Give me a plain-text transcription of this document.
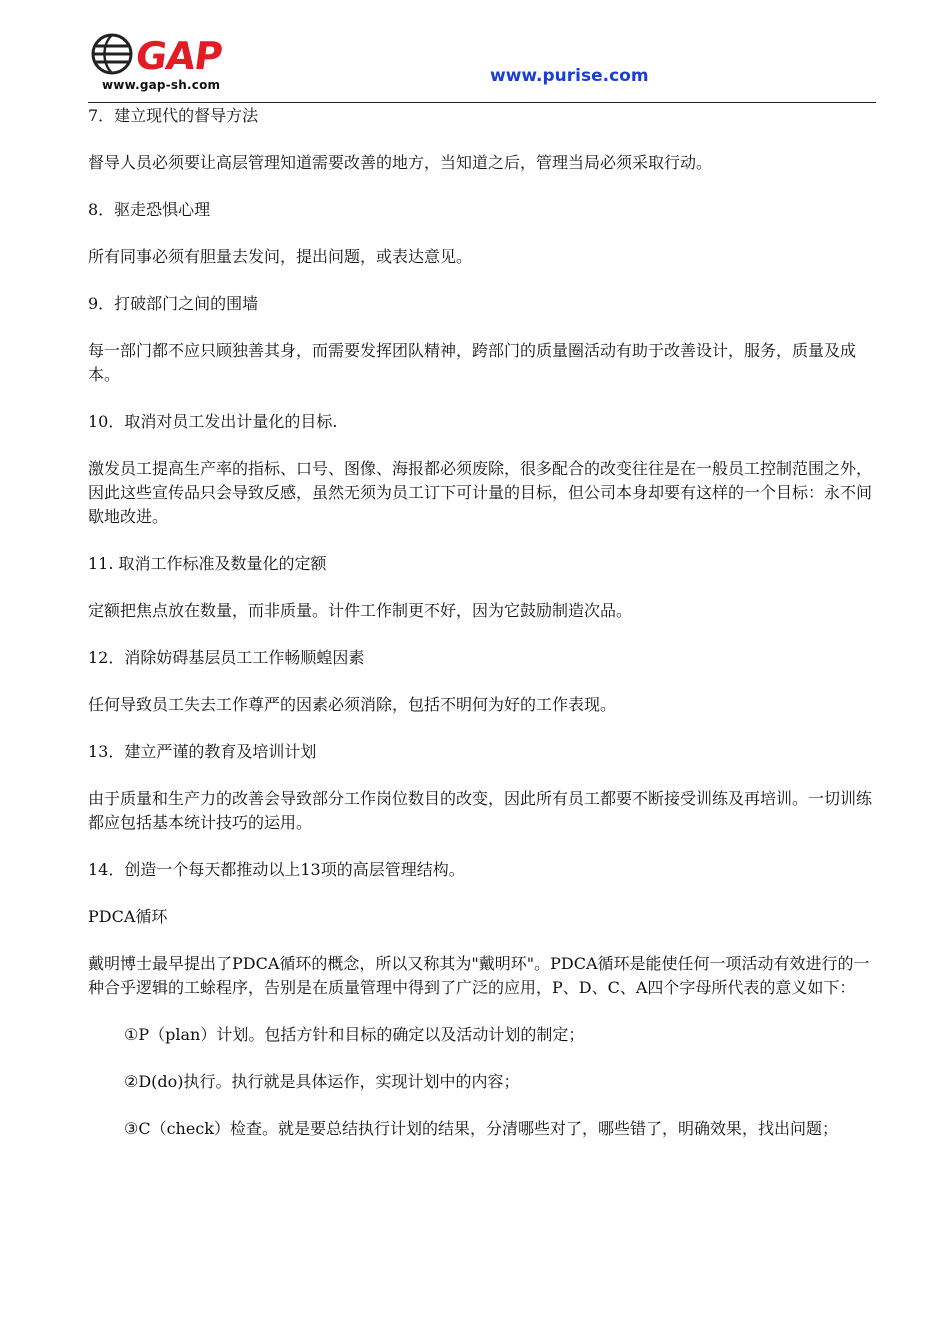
GAP
www.gap-sh.com	www.purise.com

7．建立现代的督导方法

督导人员必须要让高层管理知道需要改善的地方，当知道之后，管理当局必须采取行动。

8．驱走恐惧心理

所有同事必须有胆量去发问，提出问题，或表达意见。

9．打破部门之间的围墙

每一部门都不应只顾独善其身，而需要发挥团队精神，跨部门的质量圈活动有助于改善设计，服务，质量及成本。

10．取消对员工发出计量化的目标.

激发员工提高生产率的指标、口号、图像、海报都必须废除，很多配合的改变往往是在一般员工控制范围之外，因此这些宣传品只会导致反感，虽然无须为员工订下可计量的目标，但公司本身却要有这样的一个目标：永不间歇地改进。

11. 取消工作标准及数量化的定额

定额把焦点放在数量，而非质量。计件工作制更不好，因为它鼓励制造次品。

12．消除妨碍基层员工工作畅顺蝗因素

任何导致员工失去工作尊严的因素必须消除，包括不明何为好的工作表现。

13．建立严谨的教育及培训计划

由于质量和生产力的改善会导致部分工作岗位数目的改变，因此所有员工都要不断接受训练及再培训。一切训练都应包括基本统计技巧的运用。

14．创造一个每天都推动以上13项的高层管理结构。

PDCA循环

戴明博士最早提出了PDCA循环的概念，所以又称其为"戴明环"。PDCA循环是能使任何一项活动有效进行的一种合乎逻辑的工蜍程序，告别是在质量管理中得到了广泛的应用，P、D、C、A四个字母所代表的意义如下：

①P（plan）计划。包括方针和目标的确定以及活动计划的制定；

②D(do)执行。执行就是具体运作，实现计划中的内容；

③C（check）检查。就是要总结执行计划的结果，分清哪些对了，哪些错了，明确效果，找出问题；
